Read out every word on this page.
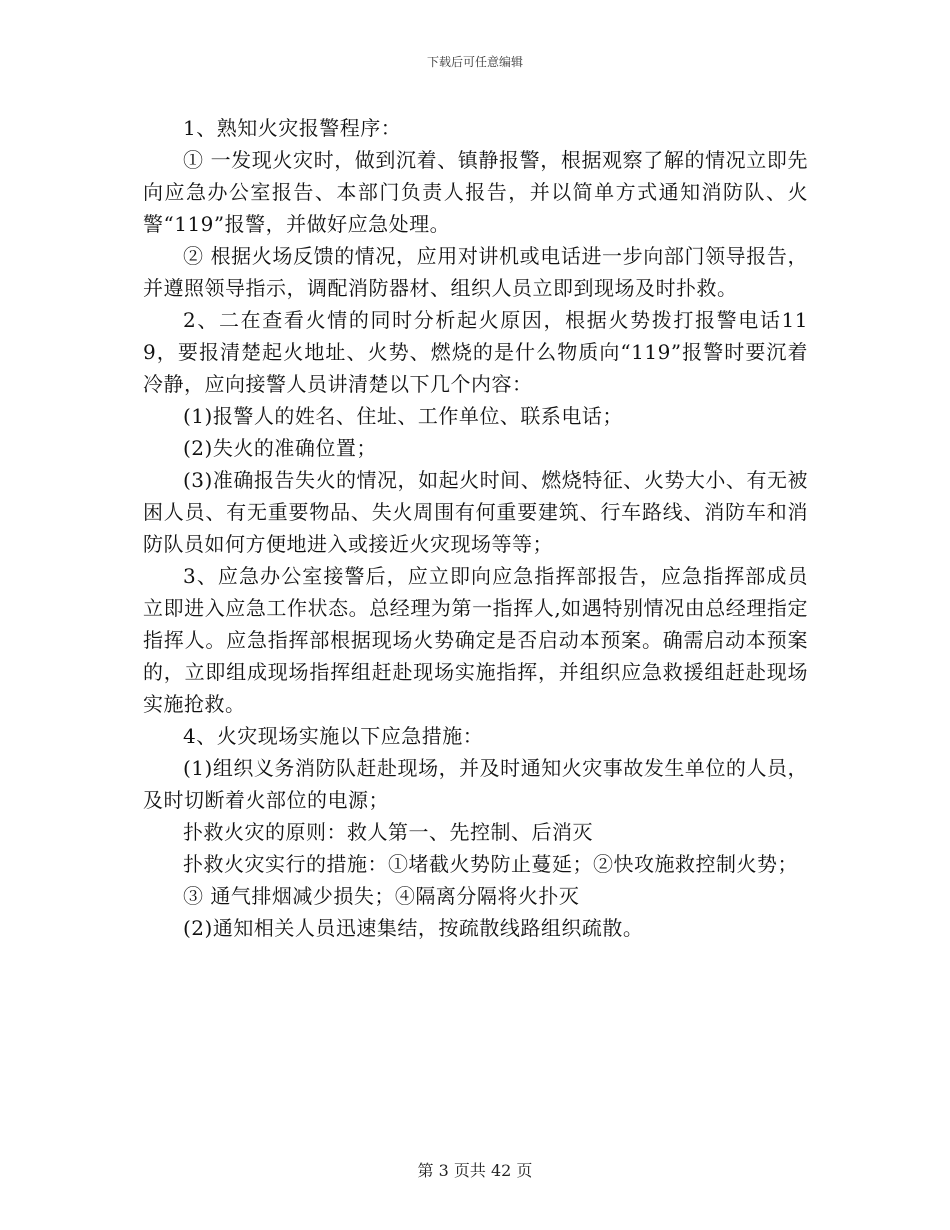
下载后可任意编辑

1、熟知火灾报警程序：

① 一发现火灾时，做到沉着、镇静报警，根据观察了解的情况立即先向应急办公室报告、本部门负责人报告，并以简单方式通知消防队、火警“119”报警，并做好应急处理。

② 根据火场反馈的情况，应用对讲机或电话进一步向部门领导报告，并遵照领导指示，调配消防器材、组织人员立即到现场及时扑救。

2、二在查看火情的同时分析起火原因，根据火势拨打报警电话119，要报清楚起火地址、火势、燃烧的是什么物质向“119”报警时要沉着冷静，应向接警人员讲清楚以下几个内容：

(1)报警人的姓名、住址、工作单位、联系电话；

(2)失火的准确位置；

(3)准确报告失火的情况，如起火时间、燃烧特征、火势大小、有无被困人员、有无重要物品、失火周围有何重要建筑、行车路线、消防车和消防队员如何方便地进入或接近火灾现场等等；

3、应急办公室接警后，应立即向应急指挥部报告，应急指挥部成员立即进入应急工作状态。总经理为第一指挥人,如遇特别情况由总经理指定指挥人。应急指挥部根据现场火势确定是否启动本预案。确需启动本预案的，立即组成现场指挥组赶赴现场实施指挥，并组织应急救援组赶赴现场实施抢救。

4、火灾现场实施以下应急措施：

(1)组织义务消防队赶赴现场，并及时通知火灾事故发生单位的人员，及时切断着火部位的电源；

扑救火灾的原则：救人第一、先控制、后消灭

扑救火灾实行的措施：①堵截火势防止蔓延；②快攻施救控制火势；

③ 通气排烟减少损失；④隔离分隔将火扑灭

(2)通知相关人员迅速集结，按疏散线路组织疏散。

第 3 页共 42 页
